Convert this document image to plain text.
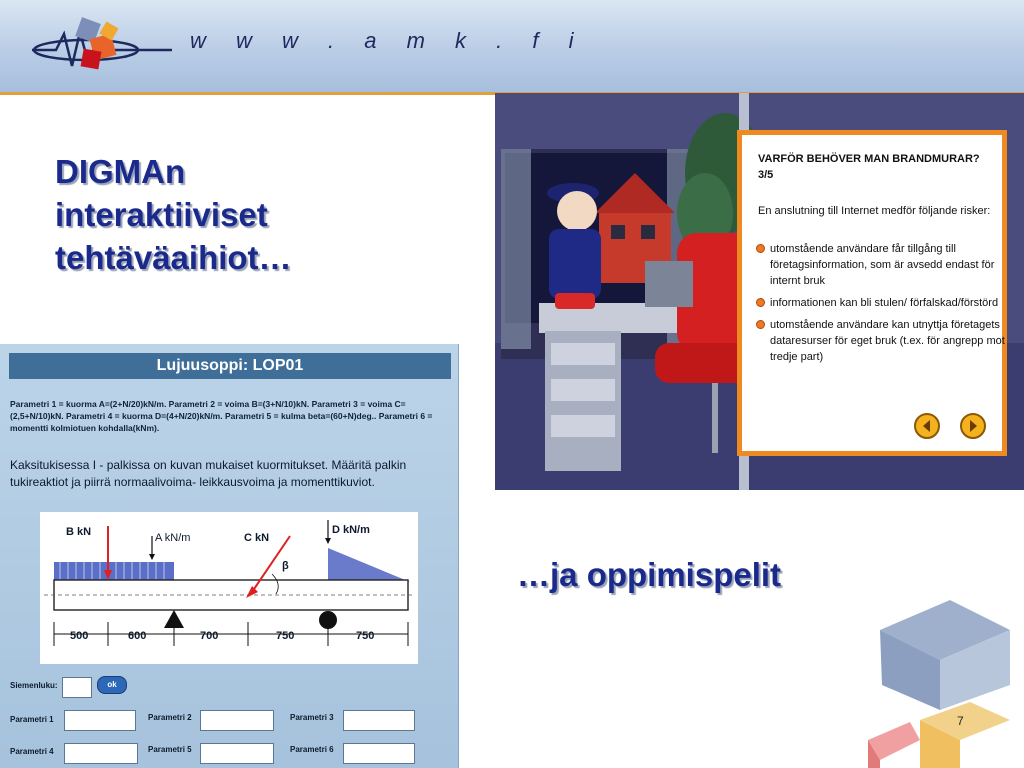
w w w . a m k . f i
DIGMAn
interaktiiviset
tehtäväaihiot…
Lujuusoppi: LOP01
Parametri 1 = kuorma A=(2+N/20)kN/m. Parametri 2 = voima B=(3+N/10)kN. Parametri 3 = voima C=(2,5+N/10)kN. Parametri 4 = kuorma D=(4+N/20)kN/m. Parametri 5 = kulma beta=(60+N)deg.. Parametri 6 = momentti kolmiotuen kohdalla(kNm).
Kaksitukisessa I - palkissa on kuvan mukaiset kuormitukset. Määritä palkin tukireaktiot ja piirrä normaalivoima- leikkausvoima ja momenttikuviot.
B kN	A kN/m	C kN
D kN/m
β
500	600	700	750	750
Siemenluku:	ok
Parametri 1	Parametri 2	Parametri 3
Parametri 4	Parametri 5	Parametri 6
VARFÖR BEHÖVER MAN BRANDMURAR? 3/5
En anslutning till Internet medför följande risker:
utomstående användare får tillgång till företagsinformation, som är avsedd endast för internt bruk
informationen kan bli stulen/ förfalskad/förstörd
utomstående användare kan utnyttja företagets dataresurser för eget bruk (t.ex. för angrepp mot tredje part)
…ja oppimispelit
7
